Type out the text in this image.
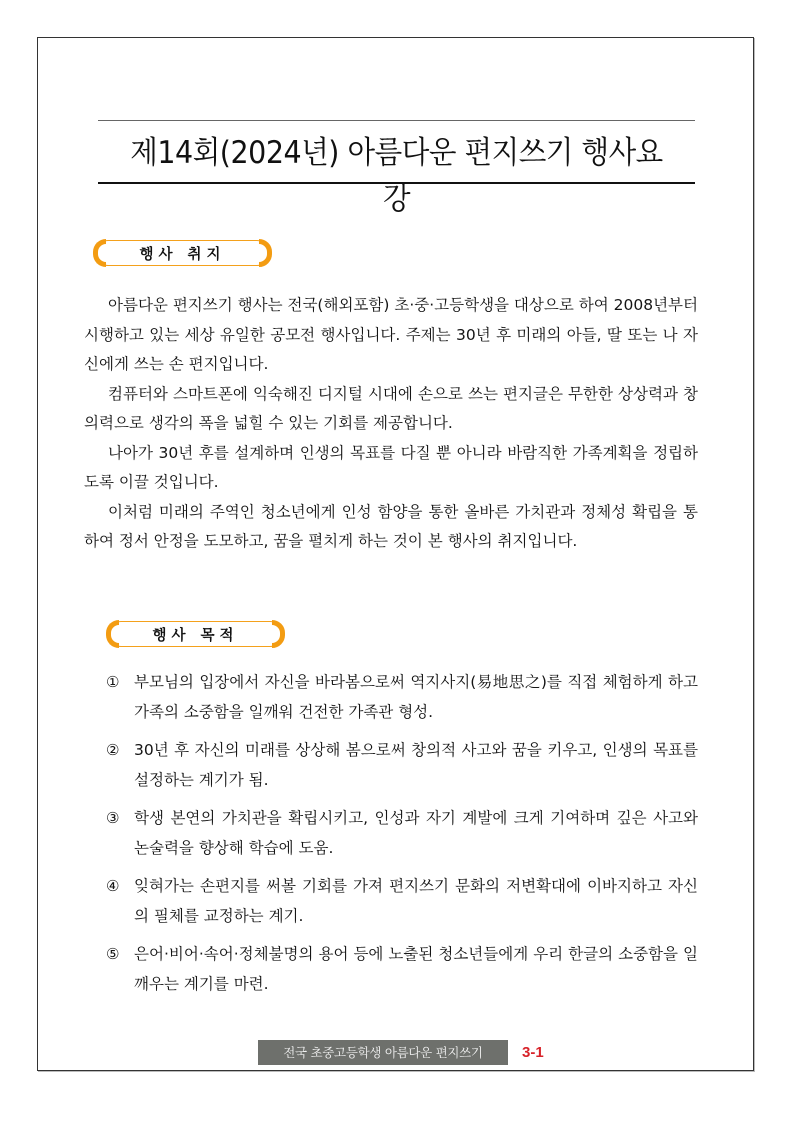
제14회(2024년) 아름다운 편지쓰기 행사요강
행사 취지

아름다운 편지쓰기 행사는 전국(해외포함) 초·중·고등학생을 대상으로 하여 2008년부터 시행하고 있는 세상 유일한 공모전 행사입니다. 주제는 30년 후 미래의 아들, 딸 또는 나 자신에게 쓰는 손 편지입니다.

컴퓨터와 스마트폰에 익숙해진 디지털 시대에 손으로 쓰는 편지글은 무한한 상상력과 창의력으로 생각의 폭을 넓힐 수 있는 기회를 제공합니다.

나아가 30년 후를 설계하며 인생의 목표를 다질 뿐 아니라 바람직한 가족계획을 정립하도록 이끌 것입니다.

이처럼 미래의 주역인 청소년에게 인성 함양을 통한 올바른 가치관과 정체성 확립을 통하여 정서 안정을 도모하고, 꿈을 펼치게 하는 것이 본 행사의 취지입니다.

행사 목적
① 부모님의 입장에서 자신을 바라봄으로써 역지사지(易地思之)를 직접 체험하게 하고 가족의 소중함을 일깨워 건전한 가족관 형성.
② 30년 후 자신의 미래를 상상해 봄으로써 창의적 사고와 꿈을 키우고, 인생의 목표를 설정하는 계기가 됨.
③ 학생 본연의 가치관을 확립시키고, 인성과 자기 계발에 크게 기여하며 깊은 사고와 논술력을 향상해 학습에 도움.
④ 잊혀가는 손편지를 써볼 기회를 가져 편지쓰기 문화의 저변확대에 이바지하고 자신의 필체를 교정하는 계기.
⑤ 은어·비어·속어·정체불명의 용어 등에 노출된 청소년들에게 우리 한글의 소중함을 일깨우는 계기를 마련.
전국 초중고등학생 아름다운 편지쓰기	3-1
